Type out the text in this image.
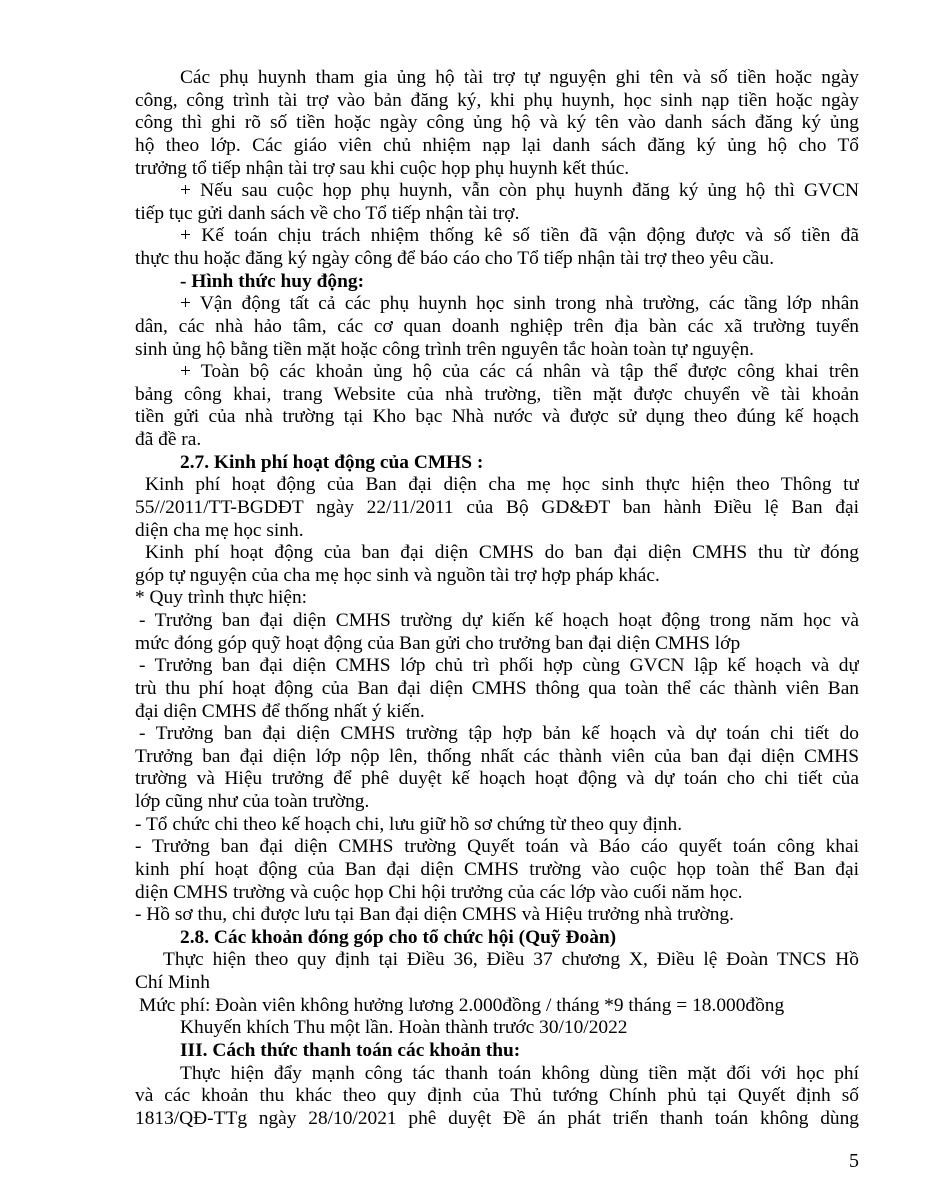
Các phụ huynh tham gia ủng hộ tài trợ tự nguyện ghi tên và số tiền hoặc ngày
công, công trình tài trợ vào bản đăng ký, khi phụ huynh, học sinh nạp tiền hoặc ngày
công thì ghi rõ số tiền hoặc ngày công ủng hộ và ký tên vào danh sách đăng ký ủng
hộ theo lớp. Các giáo viên chủ nhiệm nạp lại danh sách đăng ký ủng hộ cho Tổ
trưởng tổ tiếp nhận tài trợ sau khi cuộc họp phụ huynh kết thúc.
+ Nếu sau cuộc họp phụ huynh, vẫn còn phụ huynh đăng ký ủng hộ thì GVCN
tiếp tục gửi danh sách về cho Tổ tiếp nhận tài trợ.
+ Kế toán chịu trách nhiệm thống kê số tiền đã vận động được và số tiền đã
thực thu hoặc đăng ký ngày công để báo cáo cho Tổ tiếp nhận tài trợ theo yêu cầu.
- Hình thức huy động:
+ Vận động tất cả các phụ huynh học sinh trong nhà trường, các tầng lớp nhân
dân, các nhà hảo tâm, các cơ quan doanh nghiệp trên địa bàn các xã trường tuyển
sinh ủng hộ bằng tiền mặt hoặc công trình trên nguyên tắc hoàn toàn tự nguyện.
+ Toàn bộ các khoản ủng hộ của các cá nhân và tập thể được công khai trên
bảng công khai, trang Website của nhà trường, tiền mặt được chuyển về tài khoản
tiền gửi của nhà trường tại Kho bạc Nhà nước và được sử dụng theo đúng kế hoạch
đã đề ra.
2.7. Kinh phí hoạt động của CMHS :
Kinh phí hoạt động của Ban đại diện cha mẹ học sinh thực hiện theo Thông tư
55//2011/TT-BGDĐT ngày 22/11/2011 của Bộ GD&ĐT ban hành Điều lệ Ban đại
diện cha mẹ học sinh.
Kinh phí hoạt động của ban đại diện CMHS do ban đại diện CMHS thu từ đóng
góp tự nguyện của cha mẹ học sinh và nguồn tài trợ hợp pháp khác.
* Quy trình thực hiện:
- Trưởng ban đại diện CMHS trường dự kiến kế hoạch hoạt động trong năm học và
mức đóng góp quỹ hoạt động của Ban gửi cho trưởng ban đại diện CMHS lớp
- Trưởng ban đại diện CMHS lớp chủ trì phối hợp cùng GVCN lập kế hoạch và dự
trù thu phí hoạt động của Ban đại diện CMHS thông qua toàn thể các thành viên Ban
đại diện CMHS để thống nhất ý kiến.
- Trưởng ban đại diện CMHS trường tập hợp bản kế hoạch và dự toán chi tiết do
Trưởng ban đại diện lớp nộp lên, thống nhất các thành viên của ban đại diện CMHS
trường và Hiệu trưởng để phê duyệt kế hoạch hoạt động và dự toán cho chi tiết của
lớp cũng như của toàn trường.
- Tổ chức chi theo kế hoạch chi, lưu giữ hồ sơ chứng từ theo quy định.
- Trưởng ban đại diện CMHS trường Quyết toán và Báo cáo quyết toán công khai
kinh phí hoạt động của Ban đại diện CMHS trường vào cuộc họp toàn thể Ban đại
diện CMHS trường và cuộc họp Chi hội trưởng của các lớp vào cuối năm học.
- Hồ sơ thu, chi được lưu tại Ban đại diện CMHS và Hiệu trưởng nhà trường.
2.8. Các khoản đóng góp cho tổ chức hội (Quỹ Đoàn)
Thực hiện theo quy định tại Điều 36, Điều 37 chương X, Điều lệ Đoàn TNCS Hồ
Chí Minh
Mức phí: Đoàn viên không hưởng lương 2.000đồng / tháng *9 tháng = 18.000đồng
Khuyến khích Thu một lần. Hoàn thành trước 30/10/2022
III. Cách thức thanh toán các khoản thu:
Thực hiện đẩy mạnh công tác thanh toán không dùng tiền mặt đối với học phí
và các khoản thu khác theo quy định của Thủ tướng Chính phủ tại Quyết định số
1813/QĐ-TTg ngày 28/10/2021 phê duyệt Đề án phát triển thanh toán không dùng
5
